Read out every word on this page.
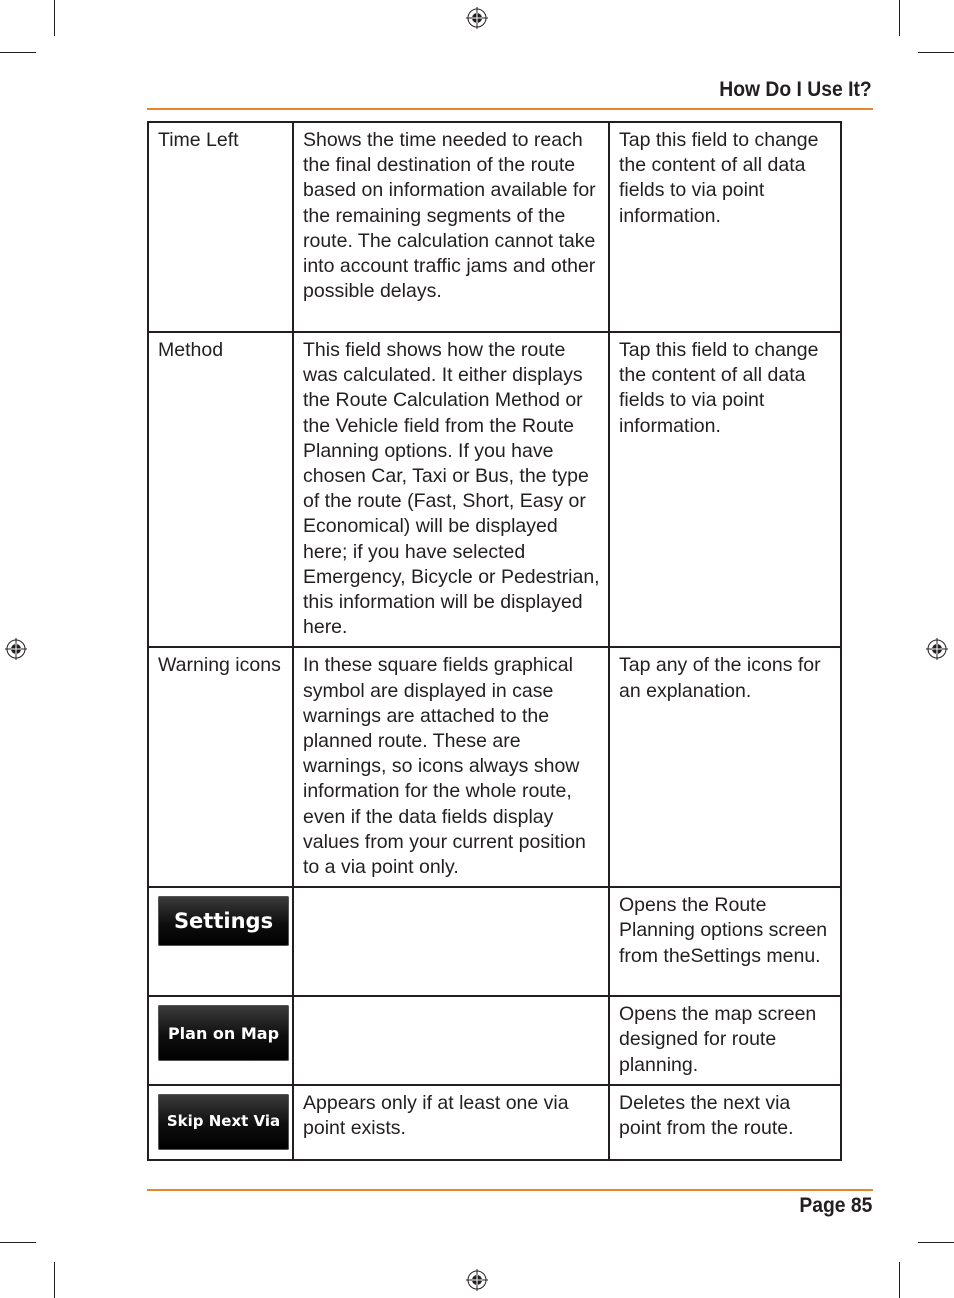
How Do I Use It?
Time Left	Shows the time needed to reach the final destination of the route based on information available for the remaining segments of the route. The calculation cannot take into account traffic jams and other possible delays.	Tap this field to change the content of all data fields to via point information.
Method	This field shows how the route was calculated. It either displays the Route Calculation Method or the Vehicle field from the Route Planning options. If you have chosen Car, Taxi or Bus, the type of the route (Fast, Short, Easy or Economical) will be displayed here; if you have selected Emergency, Bicycle or Pedestrian, this information will be displayed here.	Tap this field to change the content of all data fields to via point information.
Warning icons	In these square fields graphical symbol are displayed in case warnings are attached to the planned route. These are warnings, so icons always show information for the whole route, even if the data fields display values from your current position to a via point only.	Tap any of the icons for an explanation.

Settings		Opens the Route Planning options screen from theSettings menu.

Plan on Map		Opens the map screen designed for route planning.

Skip Next Via	Appears only if at least one via point exists.	Deletes the next via point from the route.
Page 85
